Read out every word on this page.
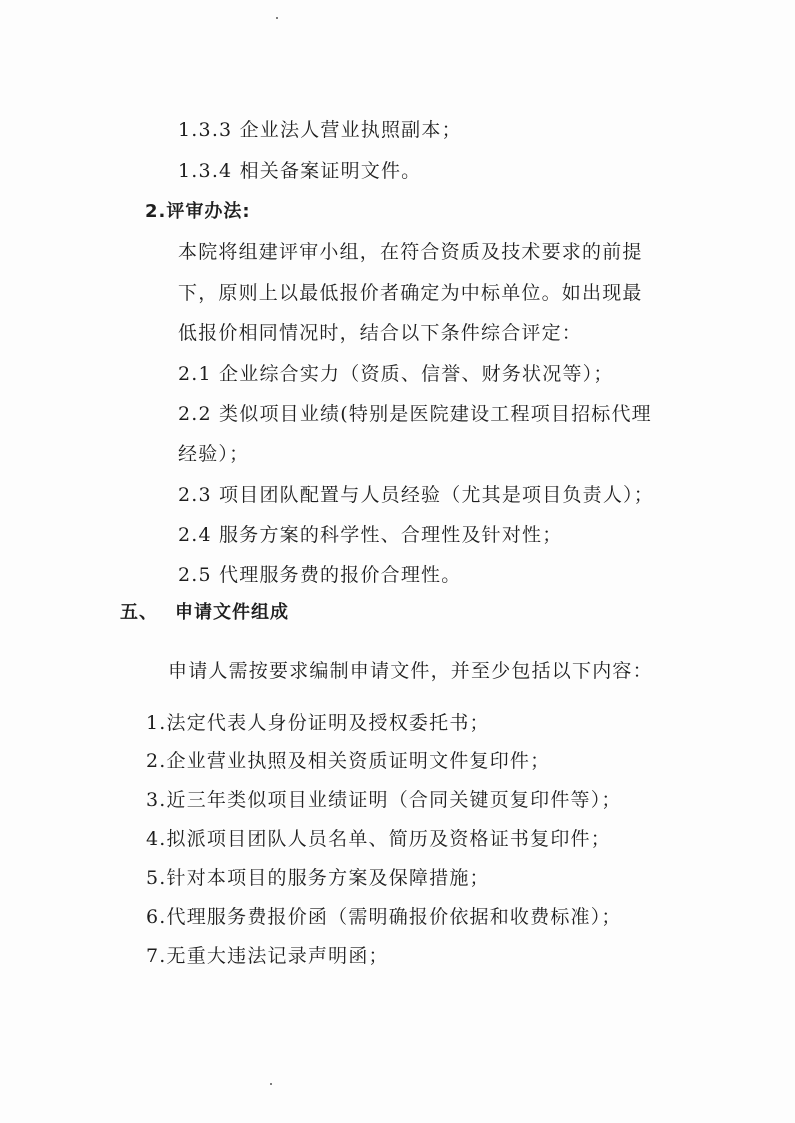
1.3.3 企业法人营业执照副本；
1.3.4 相关备案证明文件。
2.评审办法:
本院将组建评审小组，在符合资质及技术要求的前提
下，原则上以最低报价者确定为中标单位。如出现最
低报价相同情况时，结合以下条件综合评定：
2.1 企业综合实力（资质、信誉、财务状况等）；
2.2 类似项目业绩(特别是医院建设工程项目招标代理
经验）；
2.3 项目团队配置与人员经验（尤其是项目负责人）；
2.4 服务方案的科学性、合理性及针对性；
2.5 代理服务费的报价合理性。
五、 申请文件组成
申请人需按要求编制申请文件，并至少包括以下内容：
1.法定代表人身份证明及授权委托书；
2.企业营业执照及相关资质证明文件复印件；
3.近三年类似项目业绩证明（合同关键页复印件等）；
4.拟派项目团队人员名单、简历及资格证书复印件；
5.针对本项目的服务方案及保障措施；
6.代理服务费报价函（需明确报价依据和收费标准）；
7.无重大违法记录声明函；
